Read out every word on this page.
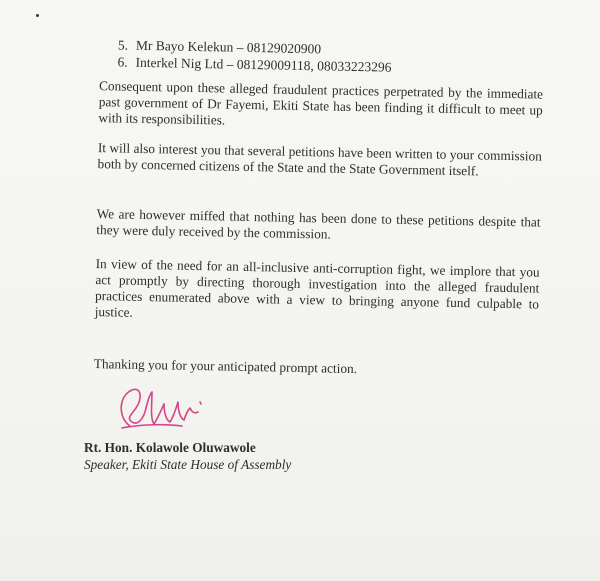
5. Mr Bayo Kelekun – 08129020900
6. Interkel Nig Ltd – 08129009118, 08033223296

Consequent upon these alleged fraudulent practices perpetrated by the immediate past government of Dr Fayemi, Ekiti State has been finding it difficult to meet up with its responsibilities.

It will also interest you that several petitions have been written to your commission both by concerned citizens of the State and the State Government itself.

We are however miffed that nothing has been done to these petitions despite that they were duly received by the commission.

In view of the need for an all-inclusive anti-corruption fight, we implore that you act promptly by directing thorough investigation into the alleged fraudulent practices enumerated above with a view to bringing anyone fund culpable to justice.

Thanking you for your anticipated prompt action.

Rt. Hon. Kolawole Oluwawole
Speaker, Ekiti State House of Assembly
